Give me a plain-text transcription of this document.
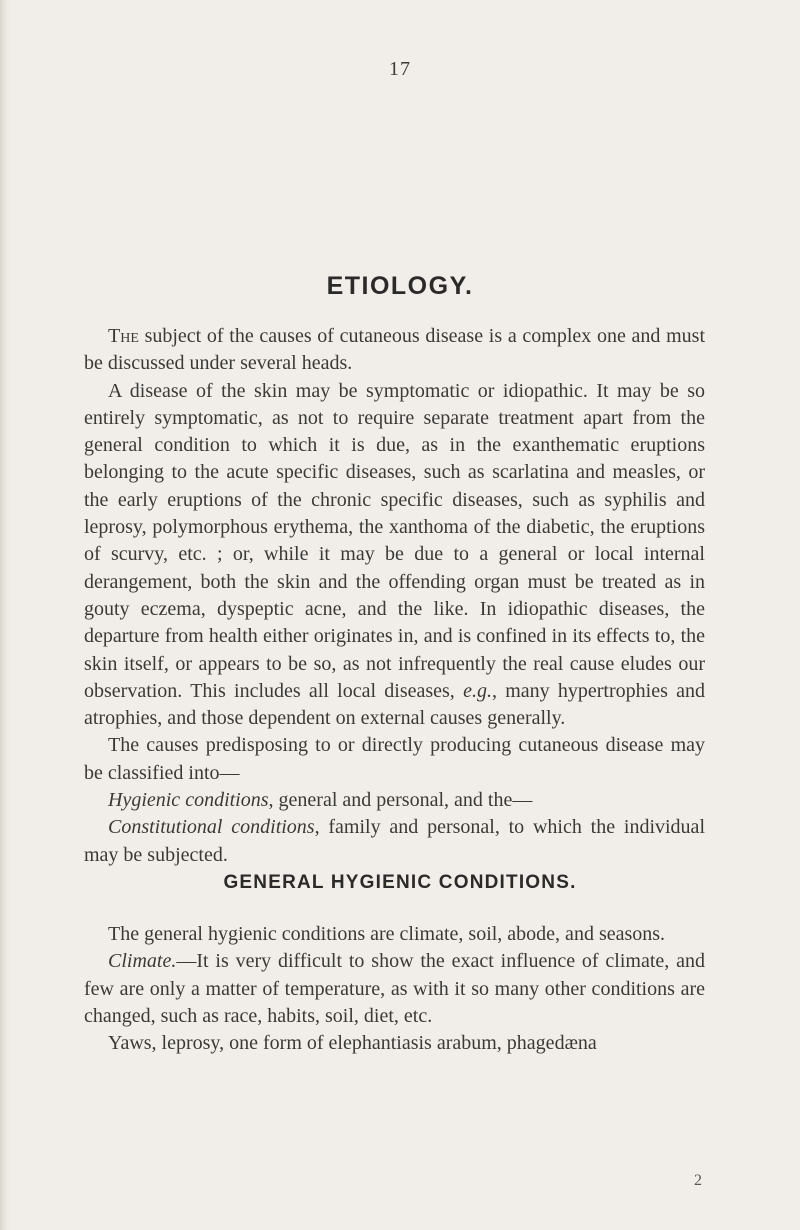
17
ETIOLOGY.

The subject of the causes of cutaneous disease is a complex one and must be discussed under several heads.

A disease of the skin may be symptomatic or idiopathic. It may be so entirely symptomatic, as not to require separate treatment apart from the general condition to which it is due, as in the exanthematic eruptions belonging to the acute specific diseases, such as scarlatina and measles, or the early eruptions of the chronic specific diseases, such as syphilis and leprosy, polymorphous erythema, the xanthoma of the diabetic, the eruptions of scurvy, etc. ; or, while it may be due to a general or local internal derangement, both the skin and the offending organ must be treated as in gouty eczema, dyspeptic acne, and the like. In idiopathic diseases, the departure from health either originates in, and is confined in its effects to, the skin itself, or appears to be so, as not infrequently the real cause eludes our observation. This includes all local diseases, e.g., many hypertrophies and atrophies, and those dependent on external causes generally.

The causes predisposing to or directly producing cutaneous disease may be classified into—

Hygienic conditions, general and personal, and the—

Constitutional conditions, family and personal, to which the individual may be subjected.

GENERAL HYGIENIC CONDITIONS.

The general hygienic conditions are climate, soil, abode, and seasons.

Climate.—It is very difficult to show the exact influence of climate, and few are only a matter of temperature, as with it so many other conditions are changed, such as race, habits, soil, diet, etc.

Yaws, leprosy, one form of elephantiasis arabum, phagedæna

2
